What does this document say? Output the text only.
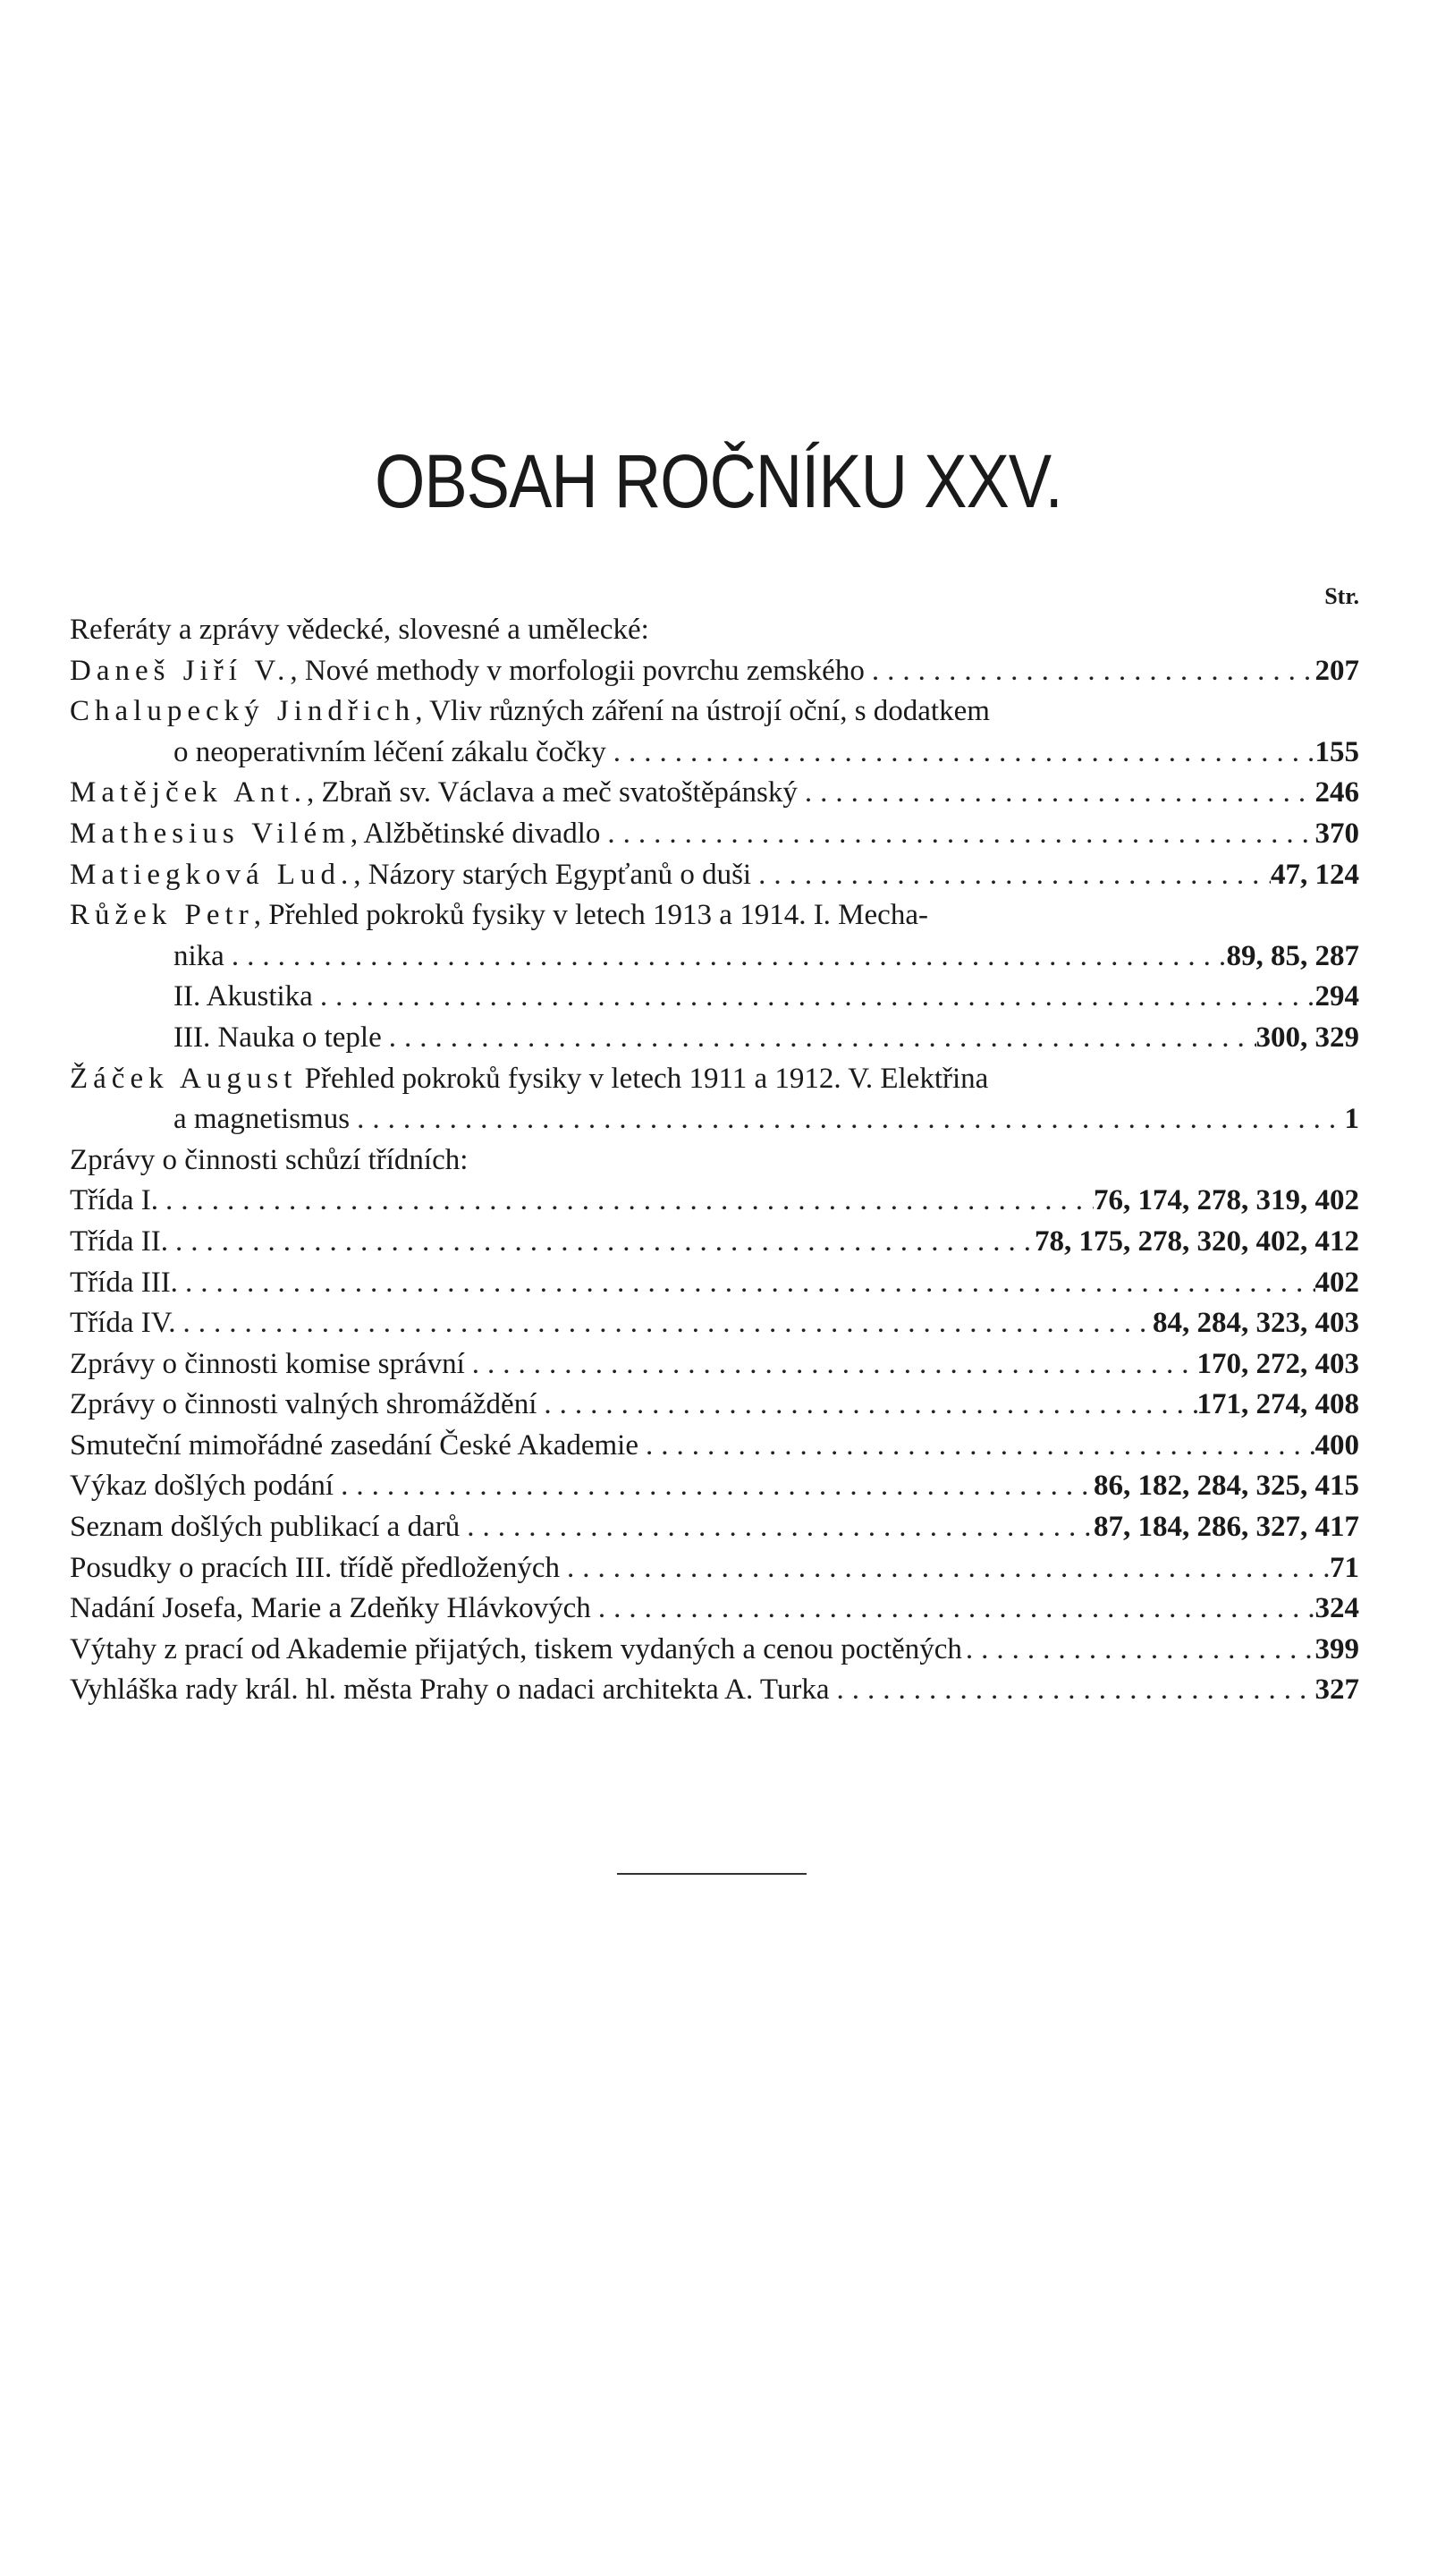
OBSAH ROČNÍKU XXV.
Str.
Referáty a zprávy vědecké, slovesné a umělecké:
Daneš Jiří V., Nové methody v morfologii povrchu zemského .....	207
Chalupecký Jindřich, Vliv různých záření na ústrojí oční, s dodatkem
o neoperativním léčení zákalu čočky .....	155
Matějček Ant., Zbraň sv. Václava a meč svatoštěpánský .....	246
Mathesius Vilém, Alžbětinské divadlo .....	370
Matiegková Lud., Názory starých Egypťanů o duši .....	47, 124
Růžek Petr, Přehled pokroků fysiky v letech 1913 a 1914. I. Mecha-
nika .....	89, 85, 287
II. Akustika .....	294
III. Nauka o teple .....	300, 329
Žáček August Přehled pokroků fysiky v letech 1911 a 1912. V. Elektřina
a magnetismus .....	1
Zprávy o činnosti schůzí třídních:
Třída I. .....	76, 174, 278, 319, 402
Třída II. .....	78, 175, 278, 320, 402, 412
Třída III. .....	402
Třída IV. .....	84, 284, 323, 403
Zprávy o činnosti komise správní .....	170, 272, 403
Zprávy o činnosti valných shromáždění .....	171, 274, 408
Smuteční mimořádné zasedání České Akademie .....	400
Výkaz došlých podání .....	86, 182, 284, 325, 415
Seznam došlých publikací a darů .....	87, 184, 286, 327, 417
Posudky o pracích III. třídě předložených .....	71
Nadání Josefa, Marie a Zdeňky Hlávkových .....	324
Výtahy z prací od Akademie přijatých, tiskem vydaných a cenou poctěných .....	399
Vyhláška rady král. hl. města Prahy o nadaci architekta A. Turka .....	327
